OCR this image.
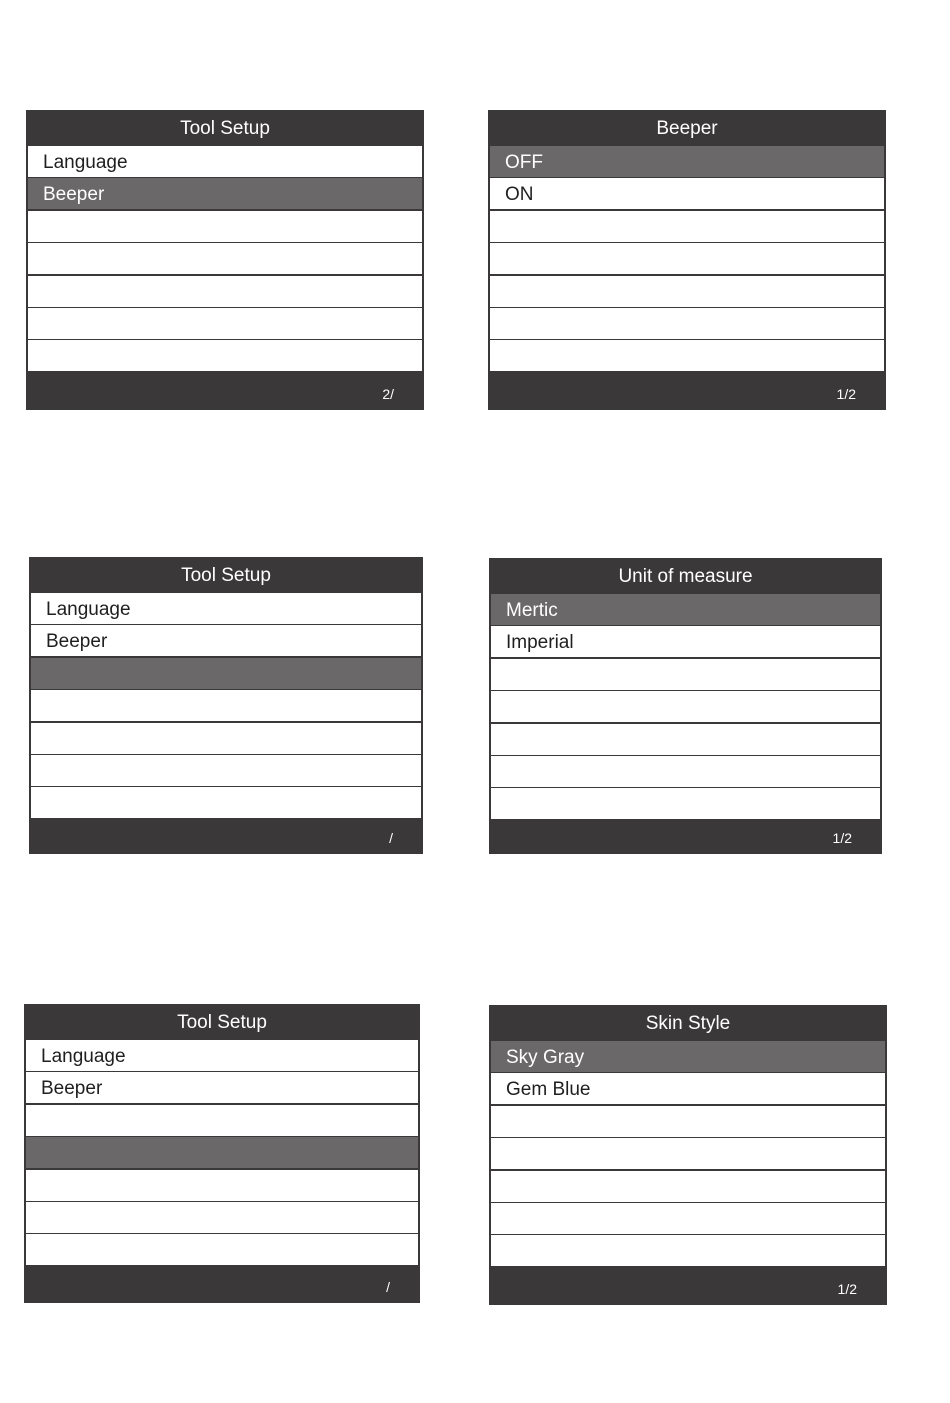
Tool Setup
Language
Beeper
2/
Beeper
OFF
ON
1/2
Tool Setup
Language
Beeper
/
Unit of measure
Mertic
Imperial
1/2
Tool Setup
Language
Beeper
/
Skin Style
Sky Gray
Gem Blue
1/2
